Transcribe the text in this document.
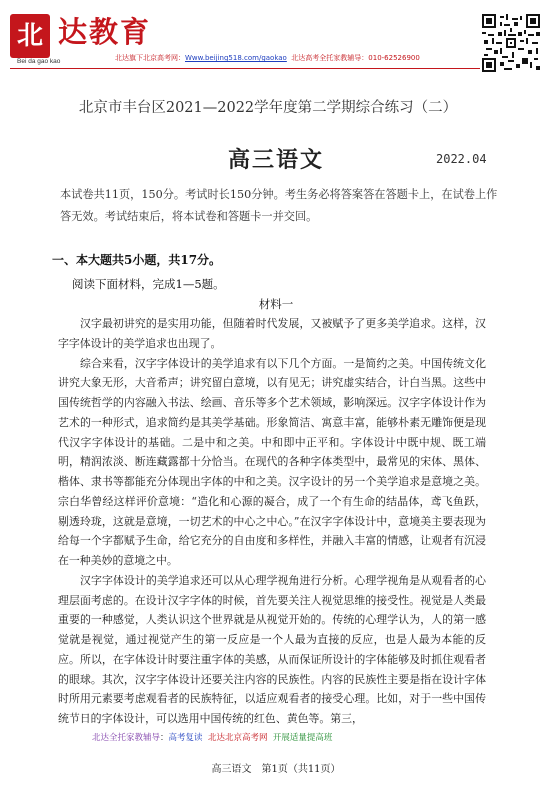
北 达教育
Bei da gao kao	北达旗下北京高考网：Www.beijing518.com/gaokao 北达高考全托家教辅导：010-62526900
北京市丰台区2021—2022学年度第二学期综合练习（二）
高三语文	2022.04
本试卷共11页，150分。考试时长150分钟。考生务必将答案答在答题卡上，在试卷上作答无效。考试结束后，将本试卷和答题卡一并交回。
一、本大题共5小题，共17分。
阅读下面材料，完成1—5题。
材料一

汉字最初讲究的是实用功能，但随着时代发展，又被赋予了更多美学追求。这样，汉字字体设计的美学追求也出现了。

综合来看，汉字字体设计的美学追求有以下几个方面。一是简约之美。中国传统文化讲究大象无形，大音希声；讲究留白意境，以有见无；讲究虚实结合，计白当黑。这些中国传统哲学的内容融入书法、绘画、音乐等多个艺术领域，影响深远。汉字字体设计作为艺术的一种形式，追求简约是其美学基础。形象简洁、寓意丰富，能够朴素无雕饰便是现代汉字字体设计的基础。二是中和之美。中和即中正平和。字体设计中既中规、既工端明，精润浓淡、断连藏露都十分恰当。在现代的各种字体类型中，最常见的宋体、黑体、楷体、隶书等都能充分体现出字体的中和之美。汉字设计的另一个美学追求是意境之美。宗白华曾经这样评价意境：“造化和心源的凝合，成了一个有生命的结晶体，鸢飞鱼跃，剔透玲珑，这就是意境，一切艺术的中心之中心。”在汉字字体设计中，意境美主要表现为给每一个字都赋予生命，给它充分的自由度和多样性，并融入丰富的情感，让观者有沉浸在一种美妙的意境之中。

汉字字体设计的美学追求还可以从心理学视角进行分析。心理学视角是从观看者的心理层面考虑的。在设计汉字字体的时候，首先要关注人视觉思维的接受性。视觉是人类最重要的一种感觉，人类认识这个世界就是从视觉开始的。传统的心理学认为，人的第一感觉就是视觉，通过视觉产生的第一反应是一个人最为直接的反应，也是人最为本能的反应。所以，在字体设计时要注重字体的美感，从而保证所设计的字体能够及时抓住观看者的眼球。其次，汉字字体设计还要关注内容的民族性。内容的民族性主要是指在设计字体时所用元素要考虑观看者的民族特征，以适应观看者的接受心理。比如，对于一些中国传统节日的字体设计，可以选用中国传统的红色、黄色等。第三，

北达全托家教辅导：高考复读 北达北京高考网 开展适量提高班
高三语文　第1页（共11页）
